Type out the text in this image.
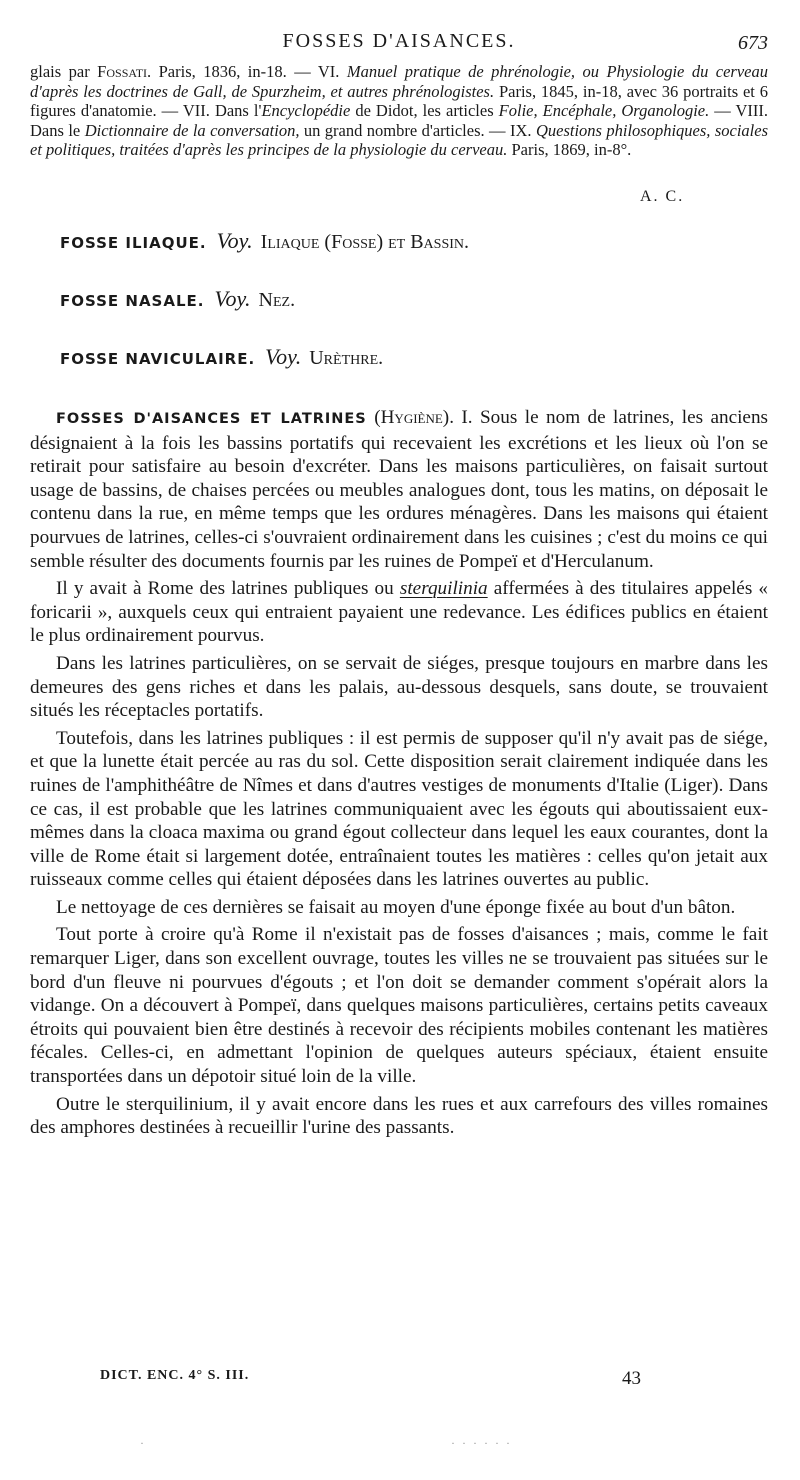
FOSSES D'AISANCES.	673
glais par Fossati. Paris, 1836, in-18. — VI. Manuel pratique de phrénologie, ou Physiologie du cerveau d'après les doctrines de Gall, de Spurzheim, et autres phrénologistes. Paris, 1845, in-18, avec 36 portraits et 6 figures d'anatomie. — VII. Dans l'Encyclopédie de Didot, les articles Folie, Encéphale, Organologie. — VIII. Dans le Dictionnaire de la conversation, un grand nombre d'articles. — IX. Questions philosophiques, sociales et politiques, traitées d'après les principes de la physiologie du cerveau. Paris, 1869, in-8°.
A. C.
FOSSE ILIAQUE. Voy. Iliaque (Fosse) et Bassin.
FOSSE NASALE. Voy. Nez.
FOSSE NAVICULAIRE. Voy. Urèthre.

FOSSES D'AISANCES ET LATRINES (Hygiène). I. Sous le nom de latrines, les anciens désignaient à la fois les bassins portatifs qui recevaient les excrétions et les lieux où l'on se retirait pour satisfaire au besoin d'excréter. Dans les maisons particulières, on faisait surtout usage de bassins, de chaises percées ou meubles analogues dont, tous les matins, on déposait le contenu dans la rue, en même temps que les ordures ménagères. Dans les maisons qui étaient pourvues de latrines, celles-ci s'ouvraient ordinairement dans les cuisines ; c'est du moins ce qui semble résulter des documents fournis par les ruines de Pompeï et d'Herculanum.

Il y avait à Rome des latrines publiques ou sterquilinia affermées à des titulaires appelés « foricarii », auxquels ceux qui entraient payaient une redevance. Les édifices publics en étaient le plus ordinairement pourvus.

Dans les latrines particulières, on se servait de siéges, presque toujours en marbre dans les demeures des gens riches et dans les palais, au-dessous desquels, sans doute, se trouvaient situés les réceptacles portatifs.

Toutefois, dans les latrines publiques : il est permis de supposer qu'il n'y avait pas de siége, et que la lunette était percée au ras du sol. Cette disposition serait clairement indiquée dans les ruines de l'amphithéâtre de Nîmes et dans d'autres vestiges de monuments d'Italie (Liger). Dans ce cas, il est probable que les latrines communiquaient avec les égouts qui aboutissaient eux-mêmes dans la cloaca maxima ou grand égout collecteur dans lequel les eaux courantes, dont la ville de Rome était si largement dotée, entraînaient toutes les matières : celles qu'on jetait aux ruisseaux comme celles qui étaient déposées dans les latrines ouvertes au public.

Le nettoyage de ces dernières se faisait au moyen d'une éponge fixée au bout d'un bâton.

Tout porte à croire qu'à Rome il n'existait pas de fosses d'aisances ; mais, comme le fait remarquer Liger, dans son excellent ouvrage, toutes les villes ne se trouvaient pas situées sur le bord d'un fleuve ni pourvues d'égouts ; et l'on doit se demander comment s'opérait alors la vidange. On a découvert à Pompeï, dans quelques maisons particulières, certains petits caveaux étroits qui pouvaient bien être destinés à recevoir des récipients mobiles contenant les matières fécales. Celles-ci, en admettant l'opinion de quelques auteurs spéciaux, étaient ensuite transportées dans un dépotoir situé loin de la ville.

Outre le sterquilinium, il y avait encore dans les rues et aux carrefours des villes romaines des amphores destinées à recueillir l'urine des passants.

DICT. ENC. 4° S. III.	43
·                                                             · · · · · ·
